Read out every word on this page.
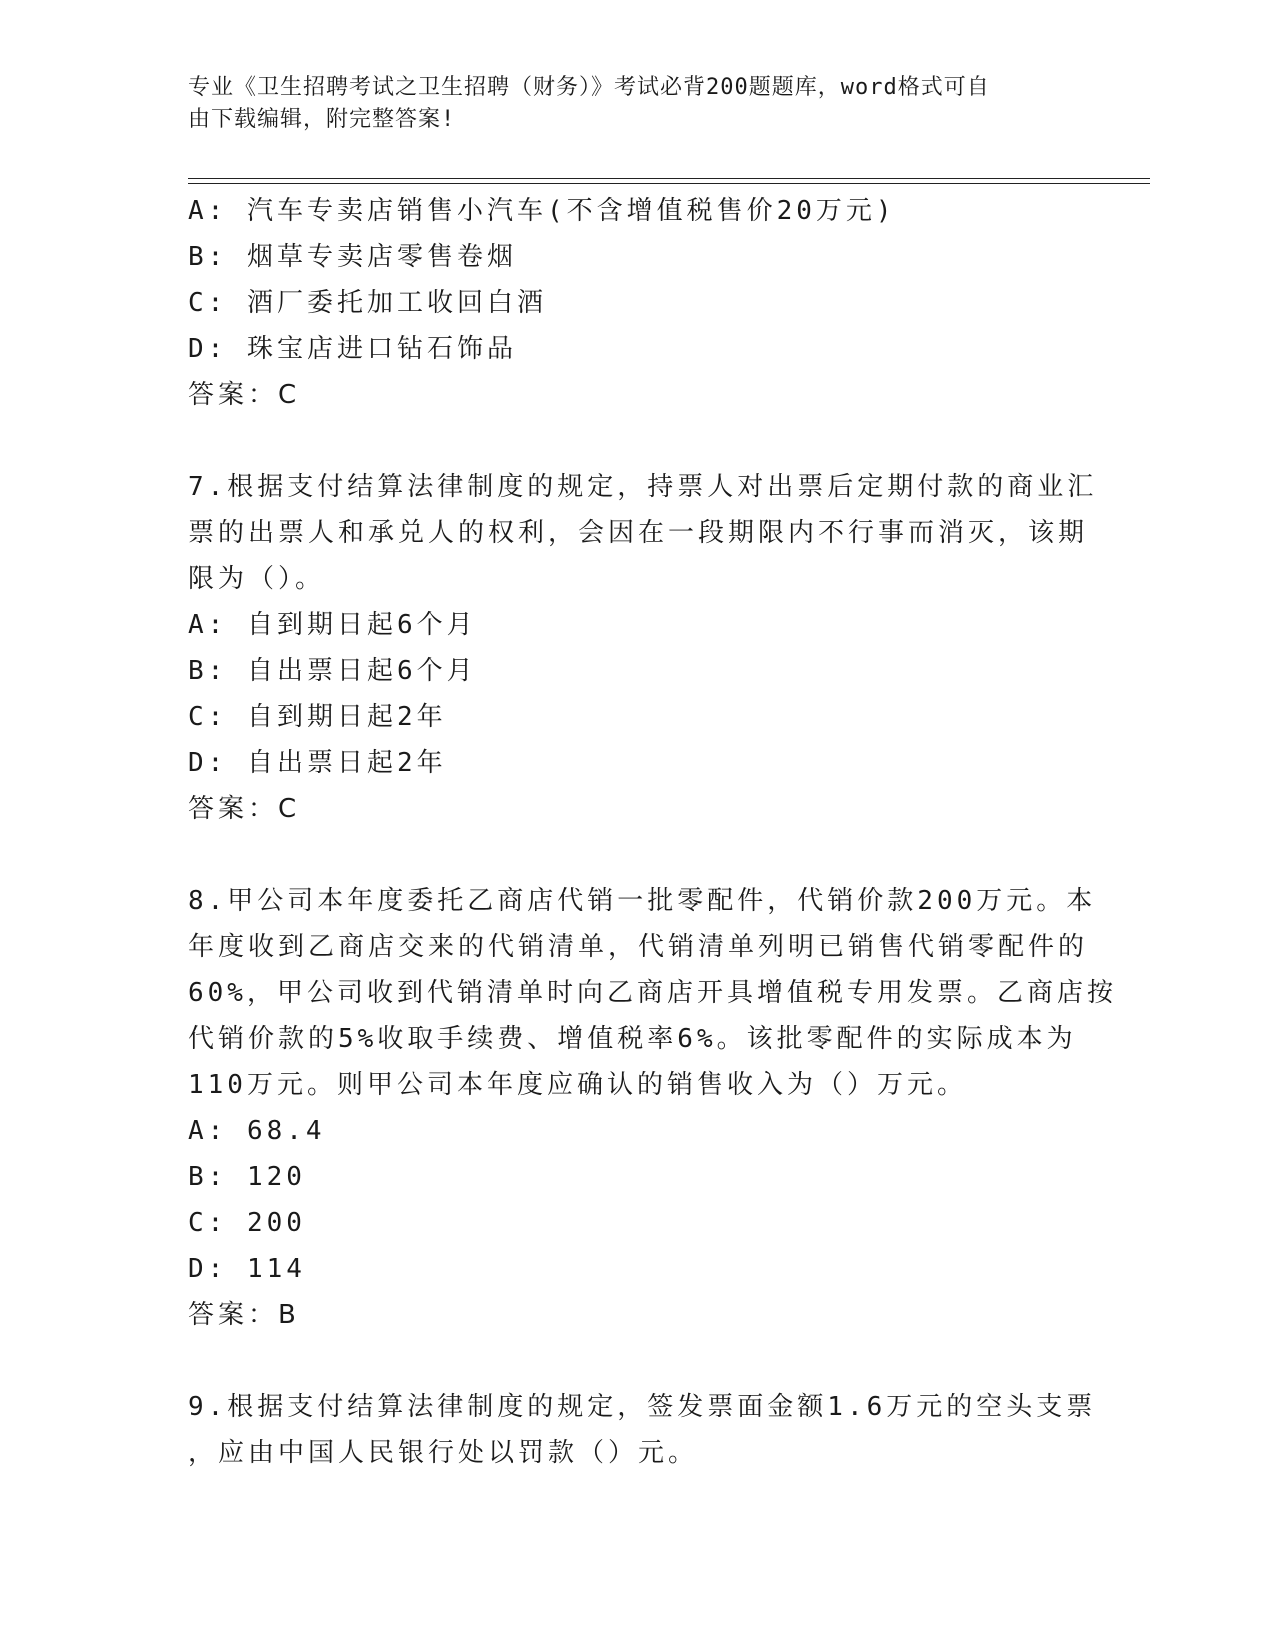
专业《卫生招聘考试之卫生招聘（财务）》考试必背200题题库，word格式可自
由下载编辑，附完整答案!
A: 汽车专卖店销售小汽车(不含增值税售价20万元)
B: 烟草专卖店零售卷烟
C: 酒厂委托加工收回白酒
D: 珠宝店进口钻石饰品
答案：C
7.根据支付结算法律制度的规定，持票人对出票后定期付款的商业汇
票的出票人和承兑人的权利，会因在一段期限内不行事而消灭，该期
限为（）。
A: 自到期日起6个月
B: 自出票日起6个月
C: 自到期日起2年
D: 自出票日起2年
答案：C
8.甲公司本年度委托乙商店代销一批零配件，代销价款200万元。本
年度收到乙商店交来的代销清单，代销清单列明已销售代销零配件的
60%，甲公司收到代销清单时向乙商店开具增值税专用发票。乙商店按
代销价款的5%收取手续费、增值税率6%。该批零配件的实际成本为
110万元。则甲公司本年度应确认的销售收入为（）万元。
A: 68.4
B: 120
C: 200
D: 114
答案：B
9.根据支付结算法律制度的规定，签发票面金额1.6万元的空头支票
，应由中国人民银行处以罚款（）元。
